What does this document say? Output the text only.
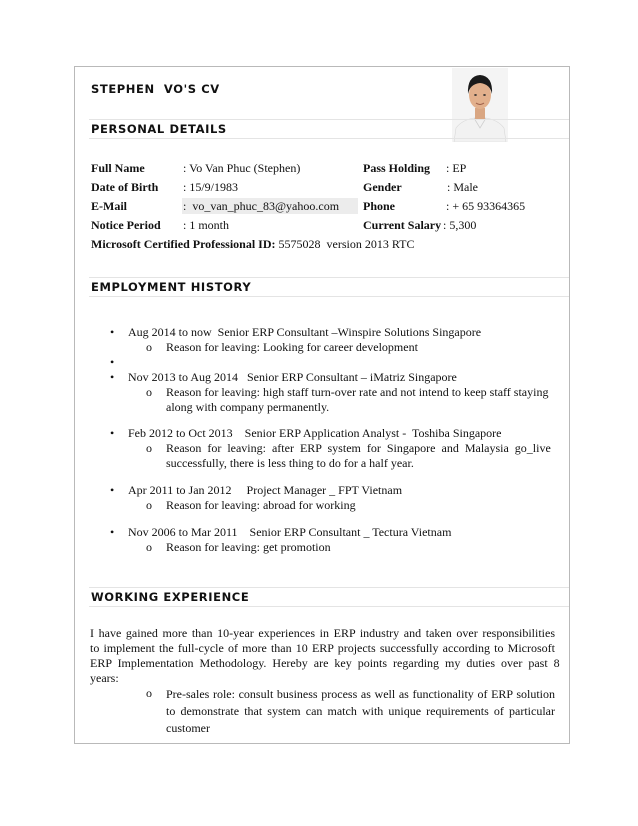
STEPHEN  VO'S CV
PERSONAL DETAILS
Full Name	: Vo Van Phuc (Stephen)	Pass Holding : EP
Date of Birth : 15/9/1983	Gender	: Male
E-Mail	:  vo_van_phuc_83@yahoo.com Phone	: + 65 93364365
Notice Period : 1 month	Current Salary : 5,300
Microsoft Certified Professional ID: 5575028  version 2013 RTC
EMPLOYMENT HISTORY
• Aug 2014 to now  Senior ERP Consultant –Winspire Solutions Singapore
o Reason for leaving: Looking for career development
•
• Nov 2013 to Aug 2014   Senior ERP Consultant – iMatriz Singapore
o Reason for leaving: high staff turn-over rate and not intend to keep staff staying
along with company permanently.
• Feb 2012 to Oct 2013    Senior ERP Application Analyst -  Toshiba Singapore
o Reason  for  leaving:  after  ERP  system  for  Singapore  and  Malaysia  go_live
successfully, there is less thing to do for a half year.
• Apr 2011 to Jan 2012     Project Manager _ FPT Vietnam
o Reason for leaving: abroad for working
• Nov 2006 to Mar 2011    Senior ERP Consultant _ Tectura Vietnam
o Reason for leaving: get promotion
WORKING EXPERIENCE
I have gained more than 10-year experiences in ERP industry and taken over responsibilities
to implement the full-cycle of more than 10 ERP projects successfully according to Microsoft
ERP  Implementation  Methodology.  Hereby  are  key  points  regarding  my  duties  over  past  8
years:
o Pre-sales role: consult business process as well as functionality of ERP solution
to demonstrate that system can match with unique requirements of particular
customer
